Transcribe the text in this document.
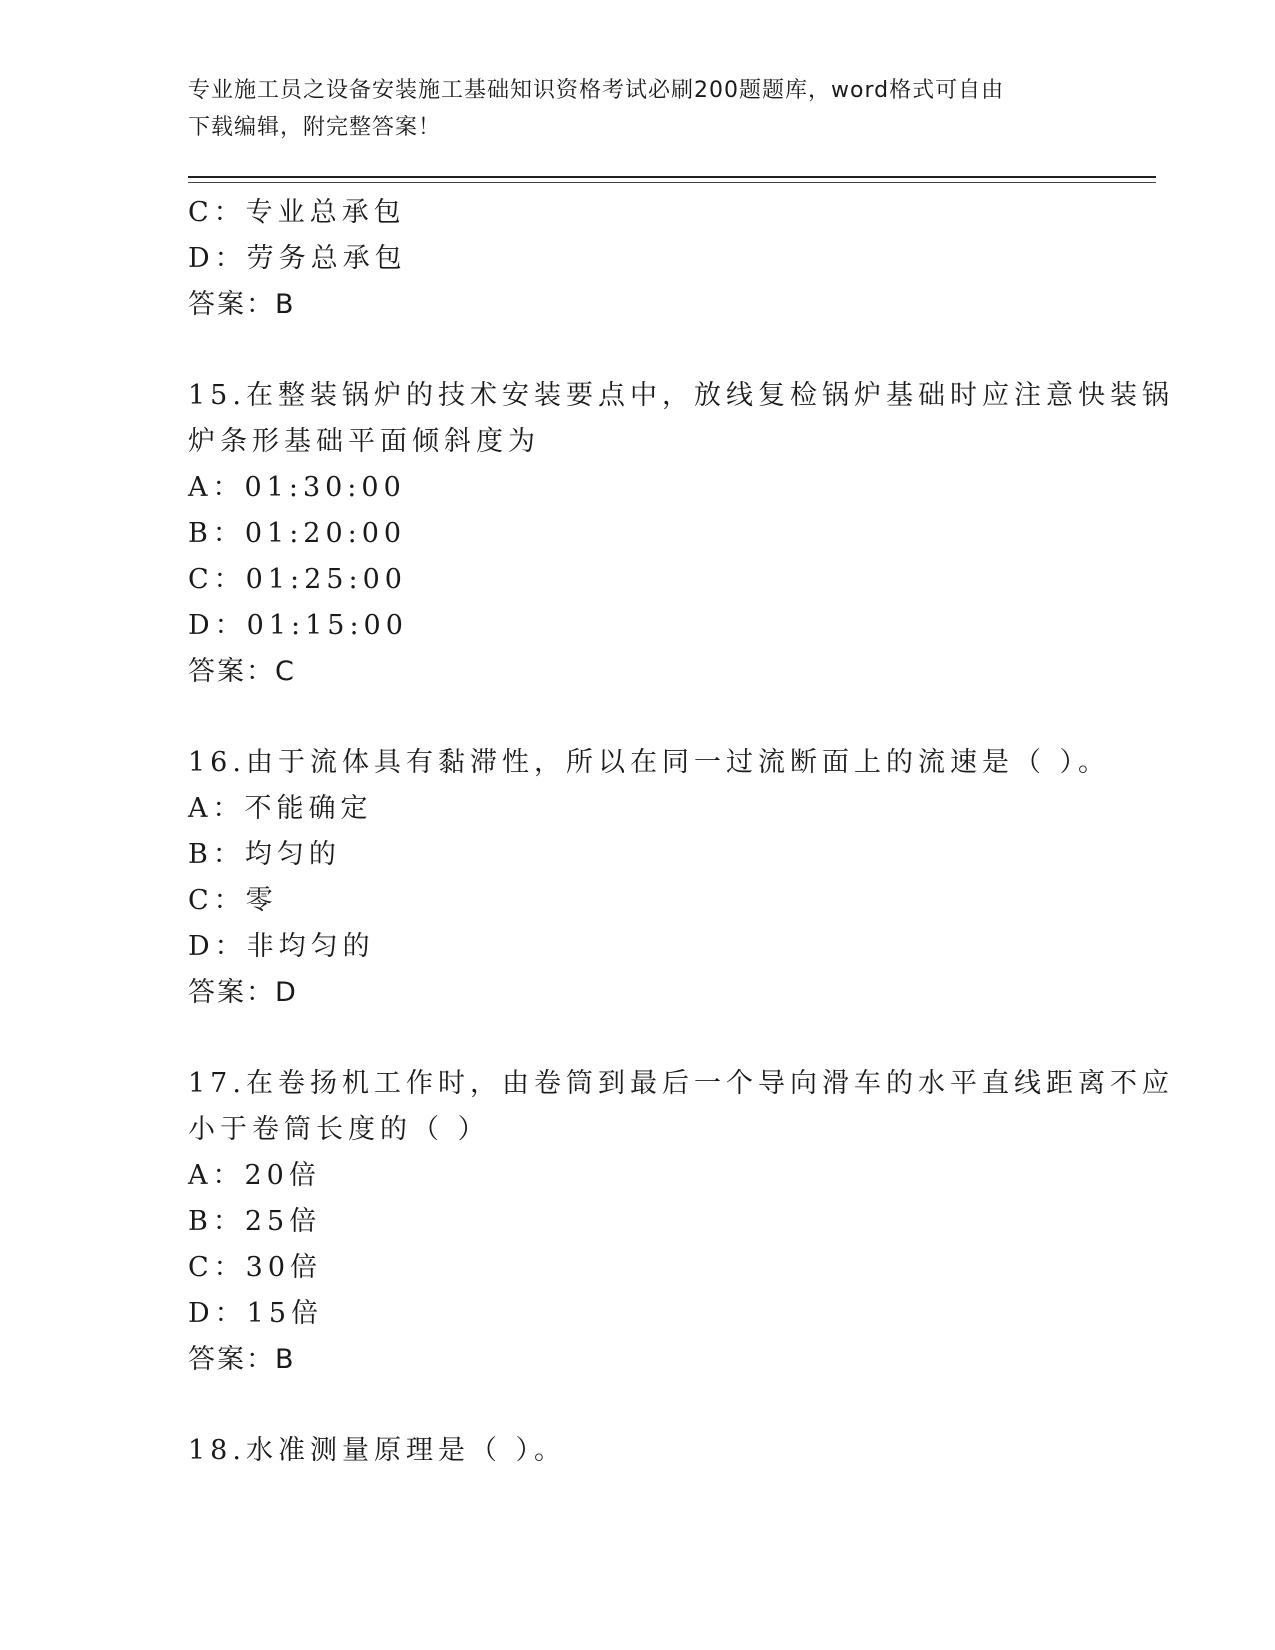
专业施工员之设备安装施工基础知识资格考试必刷200题题库，word格式可自由
下载编辑，附完整答案！
C：专业总承包
D：劳务总承包
答案：B
15.在整装锅炉的技术安装要点中，放线复检锅炉基础时应注意快装锅
炉条形基础平面倾斜度为
A：01:30:00
B：01:20:00
C：01:25:00
D：01:15:00
答案：C
16.由于流体具有黏滞性，所以在同一过流断面上的流速是（ ）。
A：不能确定
B：均匀的
C：零
D：非均匀的
答案：D
17.在卷扬机工作时，由卷筒到最后一个导向滑车的水平直线距离不应
小于卷筒长度的（ ）
A：20倍
B：25倍
C：30倍
D：15倍
答案：B
18.水准测量原理是（ ）。
